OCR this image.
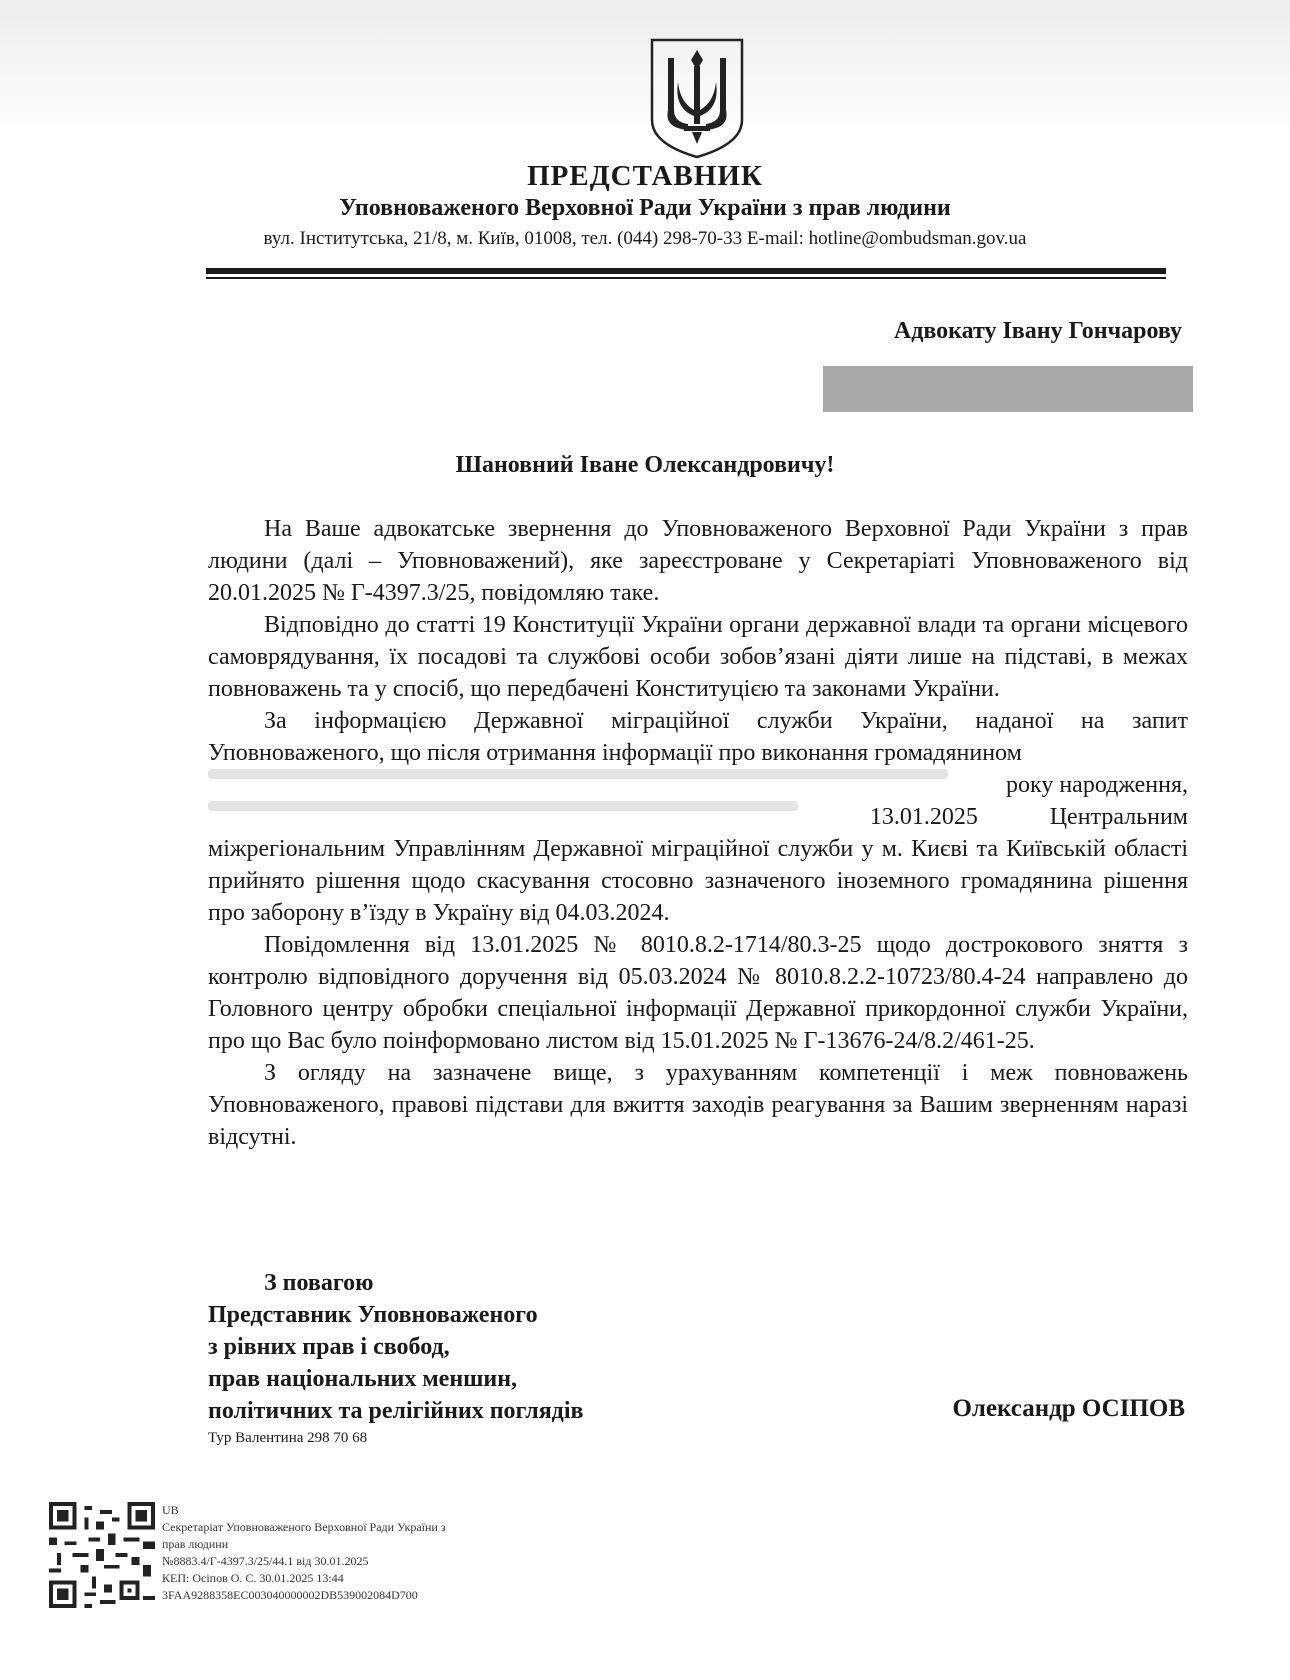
ПРЕДСТАВНИК
Уповноваженого Верховної Ради України з прав людини

вул. Інститутська, 21/8, м. Київ, 01008, тел. (044) 298-70-33 E-mail: hotline@ombudsman.gov.ua

Адвокату Івану Гончарову

Шановний Іване Олександровичу!

На Ваше адвокатське звернення до Уповноваженого Верховної Ради України з прав людини (далі – Уповноважений), яке зареєстроване у Секретаріаті Уповноваженого від 20.01.2025 № Г-4397.3/25, повідомляю таке.

Відповідно до статті 19 Конституції України органи державної влади та органи місцевого самоврядування, їх посадові та службові особи зобов’язані діяти лише на підставі, в межах повноважень та у спосіб, що передбачені Конституцією та законами України.

За інформацією Державної міграційної служби України, наданої на запит Уповноваженого, що після отримання інформації про виконання громадянином

року народження,
13.01.2025	Центральним

міжрегіональним Управлінням Державної міграційної служби у м. Києві та Київській області прийнято рішення щодо скасування стосовно зазначеного іноземного громадянина рішення про заборону в’їзду в Україну від 04.03.2024.

Повідомлення від 13.01.2025 № 8010.8.2-1714/80.3-25 щодо дострокового зняття з контролю відповідного доручення від 05.03.2024 № 8010.8.2.2-10723/80.4-24 направлено до Головного центру обробки спеціальної інформації Державної прикордонної служби України, про що Вас було поінформовано листом від 15.01.2025 № Г-13676-24/8.2/461-25.

З огляду на зазначене вище, з урахуванням компетенції і меж повноважень Уповноваженого, правові підстави для вжиття заходів реагування за Вашим зверненням наразі відсутні.

З повагою
Представник Уповноваженого
з рівних прав і свобод,
прав національних меншин,
політичних та релігійних поглядів	Олександр ОСІПОВ

Тур Валентина 298 70 68

UB
Секретаріат Уповноваженого Верховної Ради України з
прав людини
№8883.4/Г-4397.3/25/44.1 від 30.01.2025
КЕП: Осіпов О. С. 30.01.2025 13:44
3FAA9288358EC003040000002DB539002084D700
